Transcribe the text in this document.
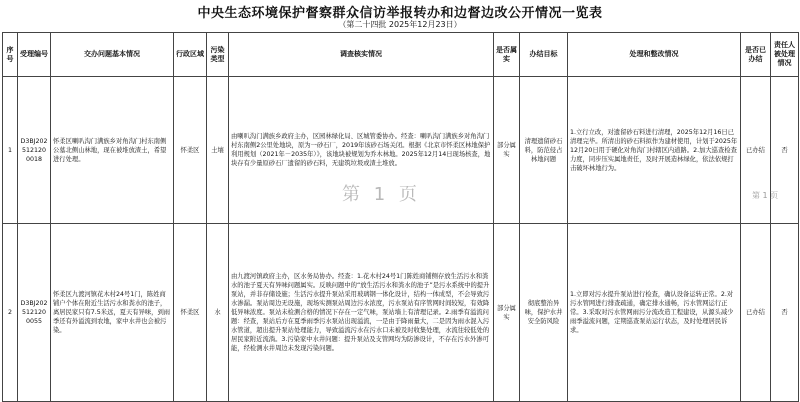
中央生态环境保护督察群众信访举报转办和边督边改公开情况一览表
（第二十四批 2025年12月23日）
序号	受理编号	交办问题基本情况	行政区域	污染类型	调查核实情况	是否属实	办结目标	处理和整改情况	是否已办结	责任人被处理情况
1	D3BJ2025121200018	怀柔区喇叭沟门满族乡对角沟门村东南侧公墓北侧山林地，现在被堆放渣土，希望进行处理。	怀柔区	土壤	由喇叭沟门满族乡政府主办，区园林绿化局、区城管委协办。经查：喇叭沟门满族乡对角沟门村东南侧2公里处地块，原为一砂石厂，2019年该砂石场关闭。根据《北京市怀柔区林地保护利用规划（2021年－2035年）》，该地块被规划为乔木林地。2025年12月14日现场核查，地块存有少量原砂石厂遗留的砂石料，无建筑垃圾或渣土堆放。	部分属实	清理遗留砂石料，防范侵占林地问题	1.立行立改，对遗留砂石料进行清理，2025年12月16日已清理完毕。所清出的砂石料拟作为建材使用，计划于2025年12月20日用于硬化对角沟门村辖区内道路。2.加大巡查检查力度，同步压实属地责任，及时开展造林绿化，依法依规打击破坏林地行为。	已办结	否
2	D3BJ2025121200055	怀柔区九渡河镇花木村24号1门，陈姓商铺户个体在附近生活污水和粪水的池子，离居民家只有7.5米远，夏天有异味，到雨季还有外溢流到农地，家中水井也会被污染。	怀柔区	水	由九渡河镇政府主办，区水务局协办。经查：1.花木村24号1门陈姓商铺侧存放生活污水和粪水的池子夏天有异味问题属实。反映问题中的“放生活污水和粪水的池子”是污水系统中的提升泵站，并非存储设施；生活污水提升泵站采用玻璃钢一体化设计，结构一体成型，不会导致污水渗漏。泵站周边无设施，现场实测泵站周边污水浓度，污水泵站有序管网时间较短，有效降低异味浓度。泵站未检测合格的情况下存在一定气味，泵站墙上有清理记录。2.雨季有溢流问题：经查，泵站后方在夏季雨季污水泵站出现溢流，一是由于降雨量大，二是因为雨水混入污水管道，超出提升泵站处理能力，导致溢流污水在污水口未被及时收集处理，水流往较低处的居民家附近流淌。3.污染家中水井问题：提升泵站及支管网均为防渗设计，不存在污水外渗可能，经检测水井周边未发现污染问题。	部分属实	彻底整治异味，保护水井安全防风险	1.立即对污水提升泵站进行检查，确认设备运转正常。2.对污水管网进行排查疏通，确定排水通畅，污水管网运行正常。3.采取对污水管网雨污分流改造工程建设，从源头减少雨季溢流问题，定期巡查泵站运行状态，及时处理居民诉求。	已办结	否
第 1 页	第 1 页
